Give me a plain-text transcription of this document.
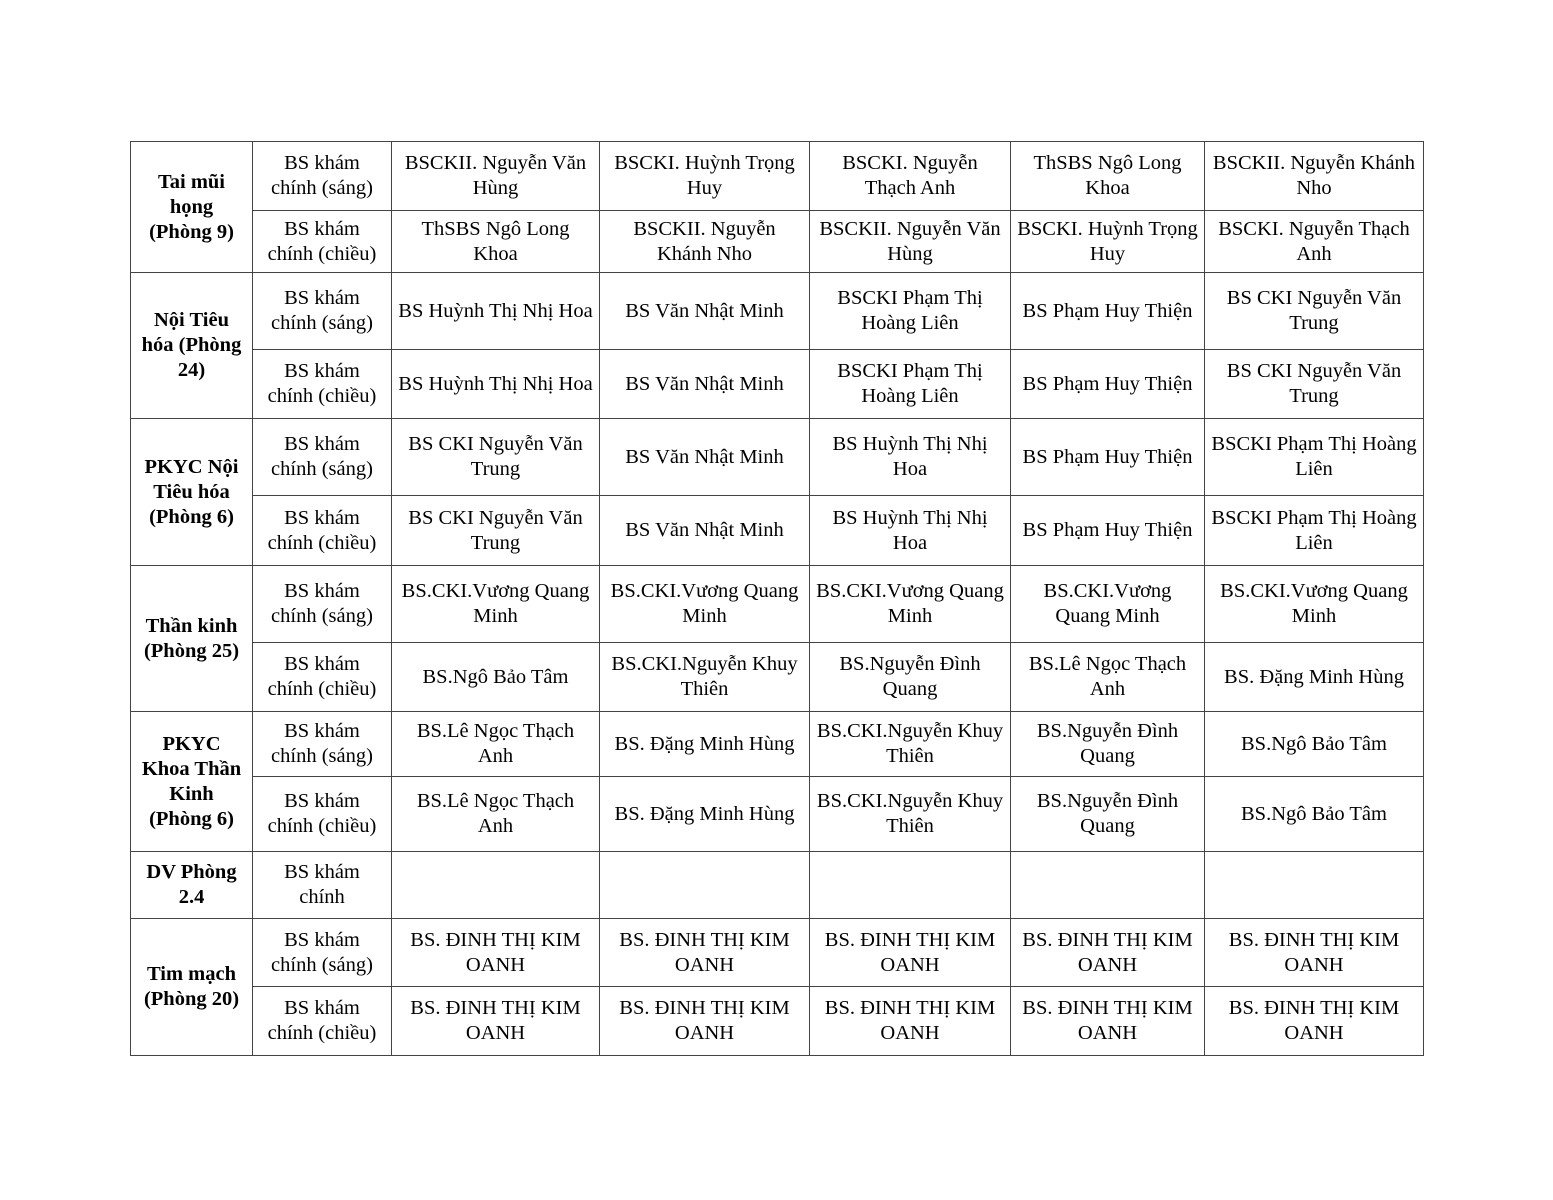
Tai mũi họng (Phòng 9)	BS khám chính (sáng)	BSCKII. Nguyễn Văn Hùng	BSCKI. Huỳnh Trọng Huy	BSCKI. Nguyễn Thạch Anh	ThSBS Ngô Long Khoa	BSCKII. Nguyễn Khánh Nho
	BS khám chính (chiều)	ThSBS Ngô Long Khoa	BSCKII. Nguyễn Khánh Nho	BSCKII. Nguyễn Văn Hùng	BSCKI. Huỳnh Trọng Huy	BSCKI. Nguyễn Thạch Anh
Nội Tiêu hóa (Phòng 24)	BS khám chính (sáng)	BS Huỳnh Thị Nhị Hoa	BS Văn Nhật Minh	BSCKI Phạm Thị Hoàng Liên	BS Phạm Huy Thiện	BS CKI Nguyễn Văn Trung
	BS khám chính (chiều)	BS Huỳnh Thị Nhị Hoa	BS Văn Nhật Minh	BSCKI Phạm Thị Hoàng Liên	BS Phạm Huy Thiện	BS CKI Nguyễn Văn Trung
PKYC Nội Tiêu hóa (Phòng 6)	BS khám chính (sáng)	BS CKI Nguyễn Văn Trung	BS Văn Nhật Minh	BS Huỳnh Thị Nhị Hoa	BS Phạm Huy Thiện	BSCKI Phạm Thị Hoàng Liên
	BS khám chính (chiều)	BS CKI Nguyễn Văn Trung	BS Văn Nhật Minh	BS Huỳnh Thị Nhị Hoa	BS Phạm Huy Thiện	BSCKI Phạm Thị Hoàng Liên
Thần kinh (Phòng 25)	BS khám chính (sáng)	BS.CKI.Vương Quang Minh	BS.CKI.Vương Quang Minh	BS.CKI.Vương Quang Minh	BS.CKI.Vương Quang Minh	BS.CKI.Vương Quang Minh
	BS khám chính (chiều)	BS.Ngô Bảo Tâm	BS.CKI.Nguyễn Khuy Thiên	BS.Nguyễn Đình Quang	BS.Lê Ngọc Thạch Anh	BS. Đặng Minh Hùng
PKYC Khoa Thần Kinh (Phòng 6)	BS khám chính (sáng)	BS.Lê Ngọc Thạch Anh	BS. Đặng Minh Hùng	BS.CKI.Nguyễn Khuy Thiên	BS.Nguyễn Đình Quang	BS.Ngô Bảo Tâm
	BS khám chính (chiều)	BS.Lê Ngọc Thạch Anh	BS. Đặng Minh Hùng	BS.CKI.Nguyễn Khuy Thiên	BS.Nguyễn Đình Quang	BS.Ngô Bảo Tâm
DV Phòng 2.4	BS khám chính					
Tim mạch (Phòng 20)	BS khám chính (sáng)	BS. ĐINH THỊ KIM OANH	BS. ĐINH THỊ KIM OANH	BS. ĐINH THỊ KIM OANH	BS. ĐINH THỊ KIM OANH	BS. ĐINH THỊ KIM OANH
	BS khám chính (chiều)	BS. ĐINH THỊ KIM OANH	BS. ĐINH THỊ KIM OANH	BS. ĐINH THỊ KIM OANH	BS. ĐINH THỊ KIM OANH	BS. ĐINH THỊ KIM OANH
